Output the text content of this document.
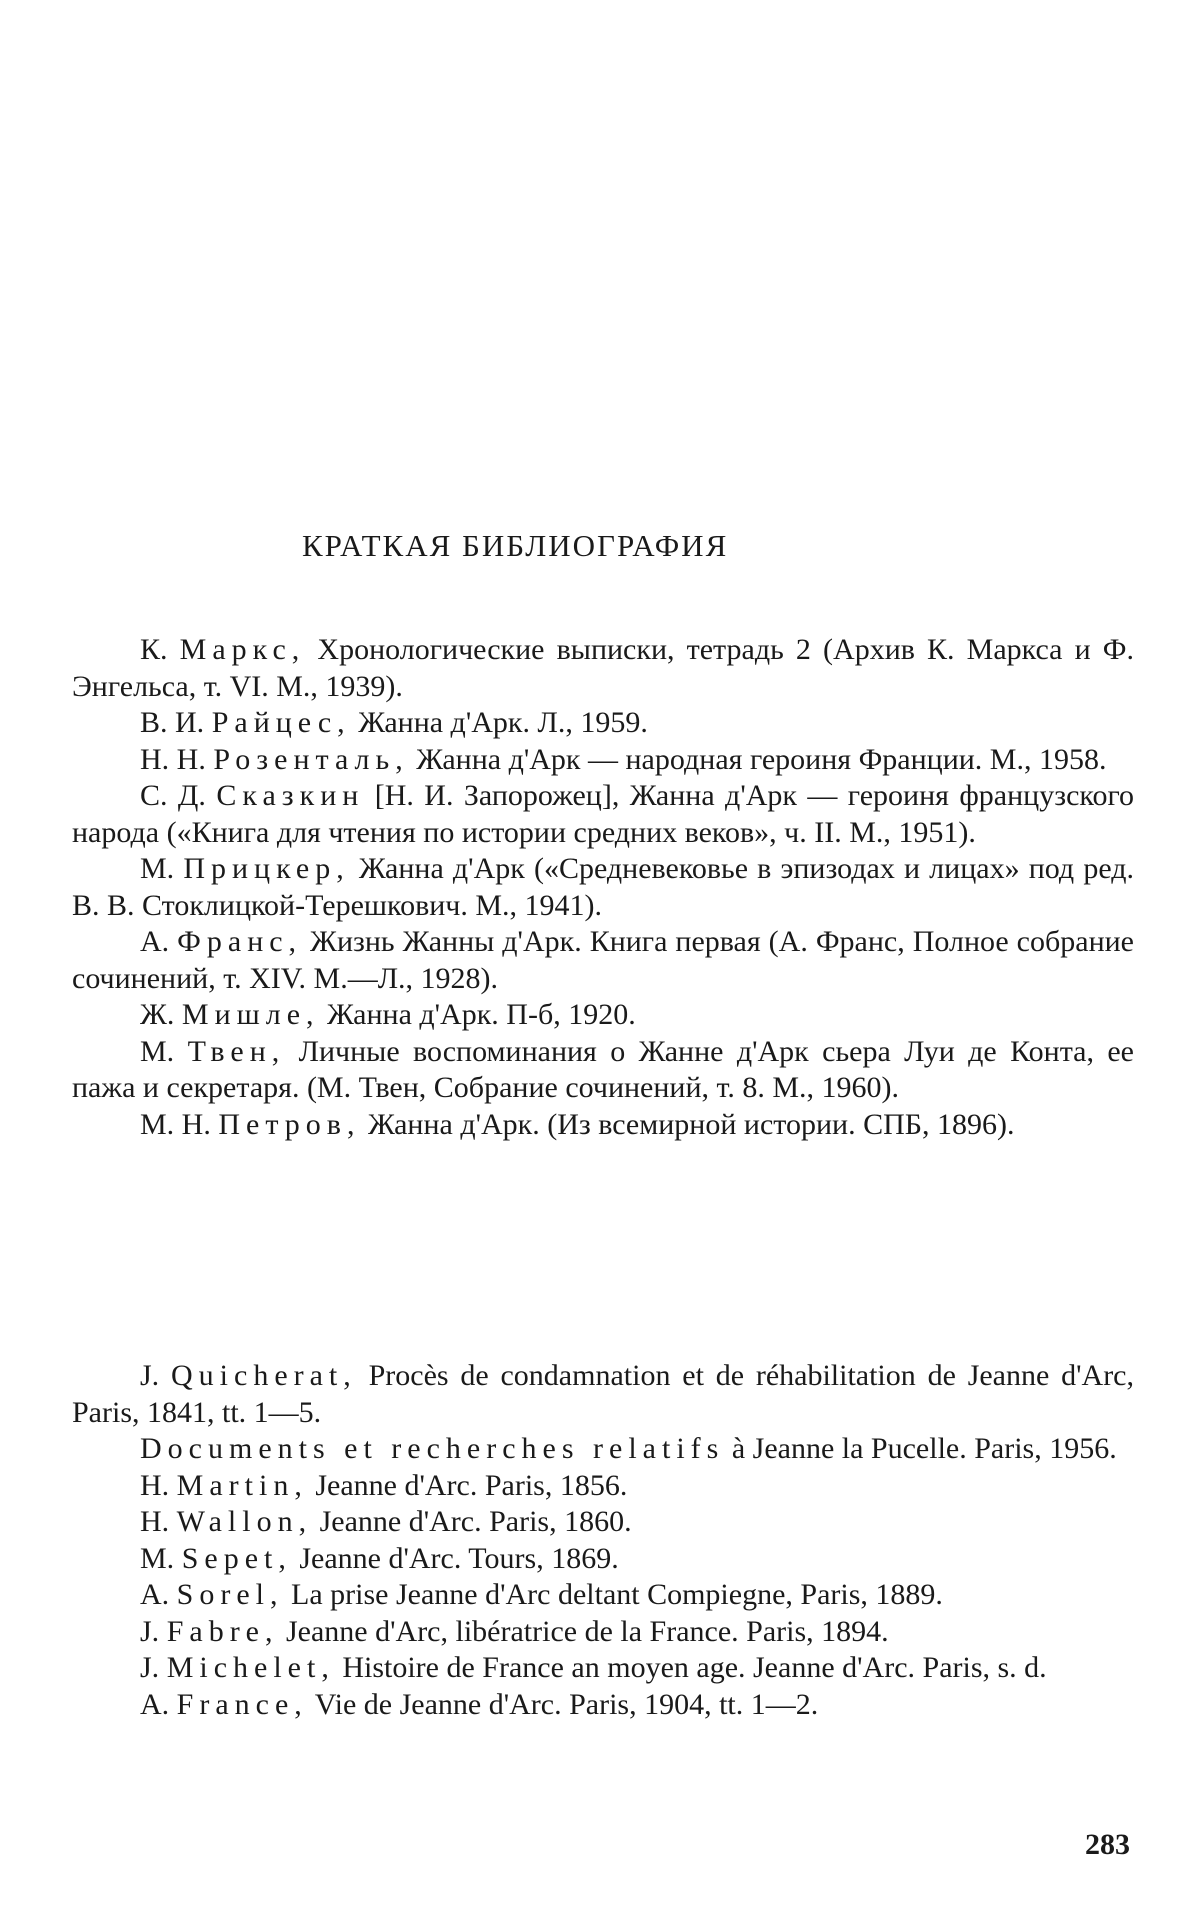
КРАТКАЯ БИБЛИОГРАФИЯ

К. Маркс, Хронологические выписки, тетрадь 2 (Архив К. Маркса и Ф. Энгельса, т. VI. М., 1939).

В. И. Райцес, Жанна д'Арк. Л., 1959.

Н. Н. Розенталь, Жанна д'Арк — народная героиня Франции. М., 1958.

С. Д. Сказкин [Н. И. Запорожец], Жанна д'Арк — героиня французского народа («Книга для чтения по истории средних веков», ч. II. М., 1951).

М. Прицкер, Жанна д'Арк («Средневековье в эпизодах и лицах» под ред. В. В. Стоклицкой-Терешкович. М., 1941).

А. Франс, Жизнь Жанны д'Арк. Книга первая (А. Франс, Полное собрание сочинений, т. XIV. М.—Л., 1928).

Ж. Мишле, Жанна д'Арк. П-б, 1920.

М. Твен, Личные воспоминания о Жанне д'Арк сьера Луи де Конта, ее пажа и секретаря. (М. Твен, Собрание сочинений, т. 8. М., 1960).

М. Н. Петров, Жанна д'Арк. (Из всемирной истории. СПБ, 1896).

J. Quicherat, Procès de condamnation et de réhabilitation de Jeanne d'Arc, Paris, 1841, tt. 1—5.

Documents et recherches relatifs à Jeanne la Pucelle. Paris, 1956.

H. Martin, Jeanne d'Arc. Paris, 1856.

H. Wallon, Jeanne d'Arc. Paris, 1860.

M. Sepet, Jeanne d'Arc. Tours, 1869.

A. Sorel, La prise Jeanne d'Arc deltant Compiegne, Paris, 1889.

J. Fabre, Jeanne d'Arc, libératrice de la France. Paris, 1894.

J. Michelet, Histoire de France an moyen age. Jeanne d'Arc. Paris, s. d.

A. France, Vie de Jeanne d'Arc. Paris, 1904, tt. 1—2.

283
